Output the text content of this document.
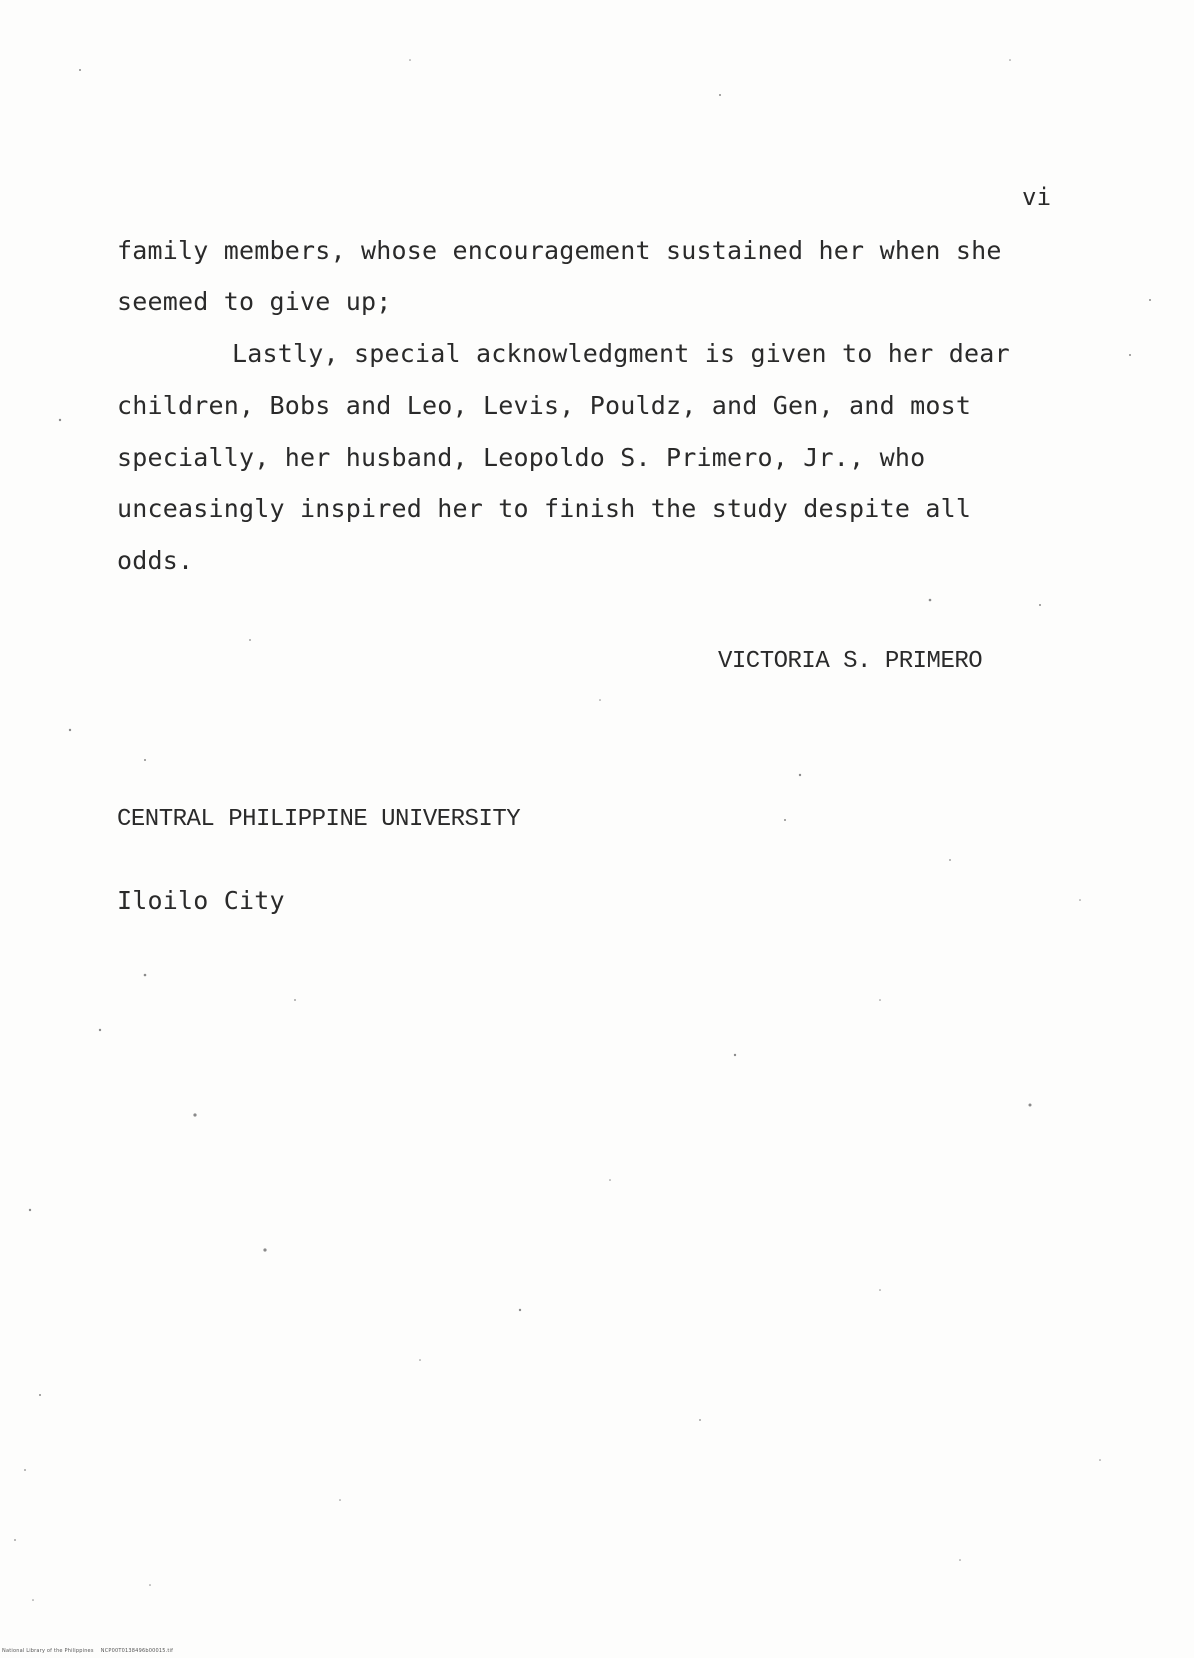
vi
family members, whose encouragement sustained her when she
seemed to give up;
Lastly, special acknowledgment is given to her dear
children, Bobs and Leo, Levis, Pouldz, and Gen, and most
specially, her husband, Leopoldo S. Primero, Jr., who
unceasingly inspired her to finish the study despite all
odds.
VICTORIA S. PRIMERO
CENTRAL PHILIPPINE UNIVERSITY
Iloilo City
National Library of the Philippines    NCP00T0138496b00015.tif
